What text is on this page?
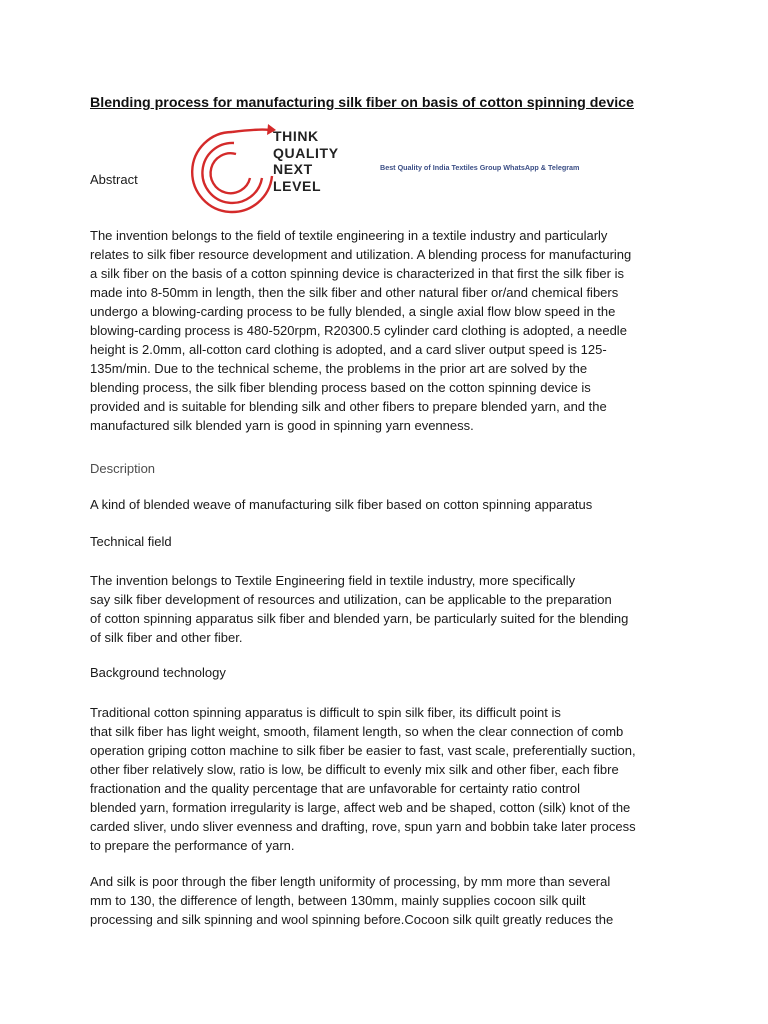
Blending process for manufacturing silk fiber on basis of cotton spinning device
THINK
QUALITY
NEXT
LEVEL
Best Quality of India Textiles Group WhatsApp & Telegram
Abstract
The invention belongs to the field of textile engineering in a textile industry and particularly
relates to silk fiber resource development and utilization. A blending process for manufacturing
a silk fiber on the basis of a cotton spinning device is characterized in that first the silk fiber is
made into 8-50mm in length, then the silk fiber and other natural fiber or/and chemical fibers
undergo a blowing-carding process to be fully blended, a single axial flow blow speed in the
blowing-carding process is 480-520rpm, R20300.5 cylinder card clothing is adopted, a needle
height is 2.0mm, all-cotton card clothing is adopted, and a card sliver output speed is 125-
135m/min. Due to the technical scheme, the problems in the prior art are solved by the
blending process, the silk fiber blending process based on the cotton spinning device is
provided and is suitable for blending silk and other fibers to prepare blended yarn, and the
manufactured silk blended yarn is good in spinning yarn evenness.
Description
A kind of blended weave of manufacturing silk fiber based on cotton spinning apparatus
Technical field
The invention belongs to Textile Engineering field in textile industry, more specifically
say silk fiber development of resources and utilization, can be applicable to the preparation
of cotton spinning apparatus silk fiber and blended yarn, be particularly suited for the blending
of silk fiber and other fiber.
Background technology
Traditional cotton spinning apparatus is difficult to spin silk fiber, its difficult point is
that silk fiber has light weight, smooth, filament length, so when the clear connection of comb
operation griping cotton machine to silk fiber be easier to fast, vast scale, preferentially suction,
other fiber relatively slow, ratio is low, be difficult to evenly mix silk and other fiber, each fibre
fractionation and the quality percentage that are unfavorable for certainty ratio control
blended yarn, formation irregularity is large, affect web and be shaped, cotton (silk) knot of the
carded sliver, undo sliver evenness and drafting, rove, spun yarn and bobbin take later process
to prepare the performance of yarn.
And silk is poor through the fiber length uniformity of processing, by mm more than several
mm to 130, the difference of length, between 130mm, mainly supplies cocoon silk quilt
processing and silk spinning and wool spinning before.Cocoon silk quilt greatly reduces the
